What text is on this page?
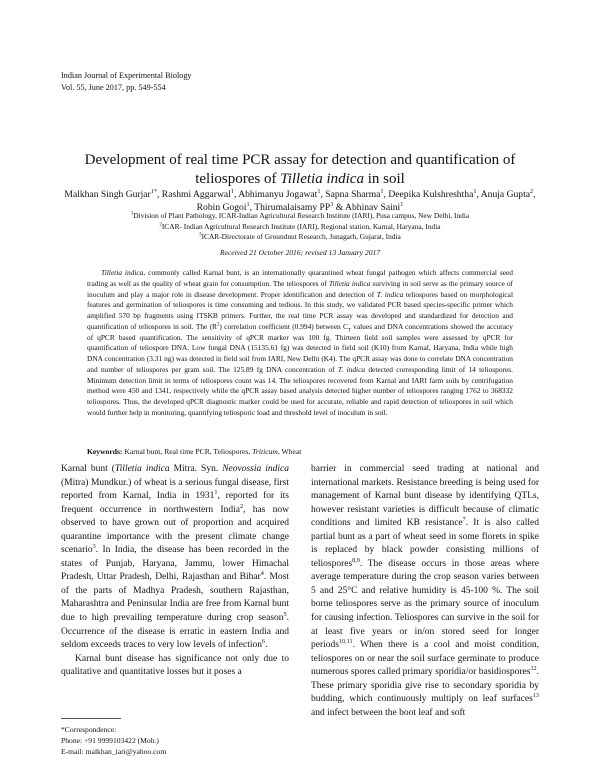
Indian Journal of Experimental Biology
Vol. 55, June 2017, pp. 549-554
Development of real time PCR assay for detection and quantification of
teliospores of Tilletia indica in soil
Malkhan Singh Gurjar$^{1*}$, Rashmi Aggarwal$^1$, Abhimanyu Jogawat$^1$, Sapna Sharma$^1$, Deepika Kulshreshtha$^1$, Anuja Gupta$^2$, Robin Gogoi$^1$, Thirumalaisamy $PP^3$ & Abhinav Saini$^1$
$^1$Division of Plant Pathology, ICAR-Indian Agricultural Research Institute (IARI), Pusa campus, New Delhi, India
$^2$ICAR- Indian Agricultural Research Institute (IARI), Regional station, Karnal, Haryana, India
$^3$ICAR-Directorate of Groundnut Research, Junagarh, Gujarat, India
Received 21 October 2016; revised 13 January 2017
Tilletia indica, commonly called Karnal bunt, is an internationally quarantined wheat fungal pathogen which affects commercial seed trading as well as the quality of wheat grain for consumption. The teliospores of Tilletia indica surviving in soil serve as the primary source of inoculum and play a major role in disease development. Proper identification and detection of T. indica teliospores based on morphological features and germination of teliospores is time consuming and tedious. In this study, we validated PCR based species-specific primer which amplified 570 bp fragments using ITSKB primers. Further, the real time PCR assay was developed and standardized for detection and quantification of teliospores in soil. The $(R^2)$ correlation coefficient (0.994) between $C_T$ values and DNA concentrations showed the accuracy of qPCR based quantification. The sensitivity of qPCR marker was 100 fg. Thirteen field soil samples were assessed by qPCR for quantification of teliospore DNA. Low fungal DNA (15135.61 fg) was detected in field soil (K10) from Karnal, Haryana, India while high DNA concentration (3.31 ng) was detected in field soil from IARI, New Delhi (K4). The qPCR assay was done to correlate DNA concentration and number of teliospores per gram soil. The 125.89 fg DNA concentration of T. indica detected corresponding limit of 14 teliospores. Minimum detection limit in terms of teliospores count was 14. The teliospores recovered from Karnal and IARI farm soils by centrifugation method were 450 and 1341, respectively while the qPCR assay based analysis detected higher number of teliospores ranging 1762 to 368332 teliospores. Thus, the developed qPCR diagnostic marker could be used for accurate, reliable and rapid detection of teliospores in soil which would further help in monitoring, quantifying teliosporic load and threshold level of inoculum in soil.
Keywords: Karnal bunt, Real time PCR, Teliospores, Triticum, Wheat

Karnal bunt (Tilletia indica Mitra. Syn. Neovossia indica (Mitra) Mundkur.) of wheat is a serious fungal disease, first reported from Karnal, India in 1931$^1$, reported for its frequent occurrence in northwestern India$^2$, has now observed to have grown out of proportion and acquired quarantine importance with the present climate change scenario$^3$. In India, the disease has been recorded in the states of Punjab, Haryana, Jammu, lower Himachal Pradesh, Uttar Pradesh, Delhi, Rajasthan and Bihar$^4$. Most of the parts of Madhya Pradesh, southern Rajasthan, Maharashtra and Peninsular India are free from Karnal bunt due to high prevailing temperature during crop season$^5$. Occurrence of the disease is erratic in eastern India and seldom exceeds traces to very low levels of infection$^6$.

Karnal bunt disease has significance not only due to qualitative and quantitative losses but it poses a

barrier in commercial seed trading at national and international markets. Resistance breeding is being used for management of Karnal bunt disease by identifying QTLs, however resistant varieties is difficult because of climatic conditions and limited KB resistance$^7$. It is also called partial bunt as a part of wheat seed in some florets in spike is replaced by black powder consisting millions of teliospores$^{8,9}$. The disease occurs in those areas where average temperature during the crop season varies between 5 and 25°C and relative humidity is 45-100 %. The soil borne teliospores serve as the primary source of inoculum for causing infection. Teliospores can survive in the soil for at least five years or in/on stored seed for longer periods$^{10,11}$. When there is a cool and moist condition, teliospores on or near the soil surface germinate to produce numerous spores called primary sporidia/or basidiospores$^{12}$. These primary sporidia give rise to secondary sporidia by budding, which continuously multiply on leaf surfaces$^{13}$ and infect between the boot leaf and soft

*Correspondence:
Phone: +91 9999103422 (Mob.)
E-mail: malkhan_iari@yahoo.com
